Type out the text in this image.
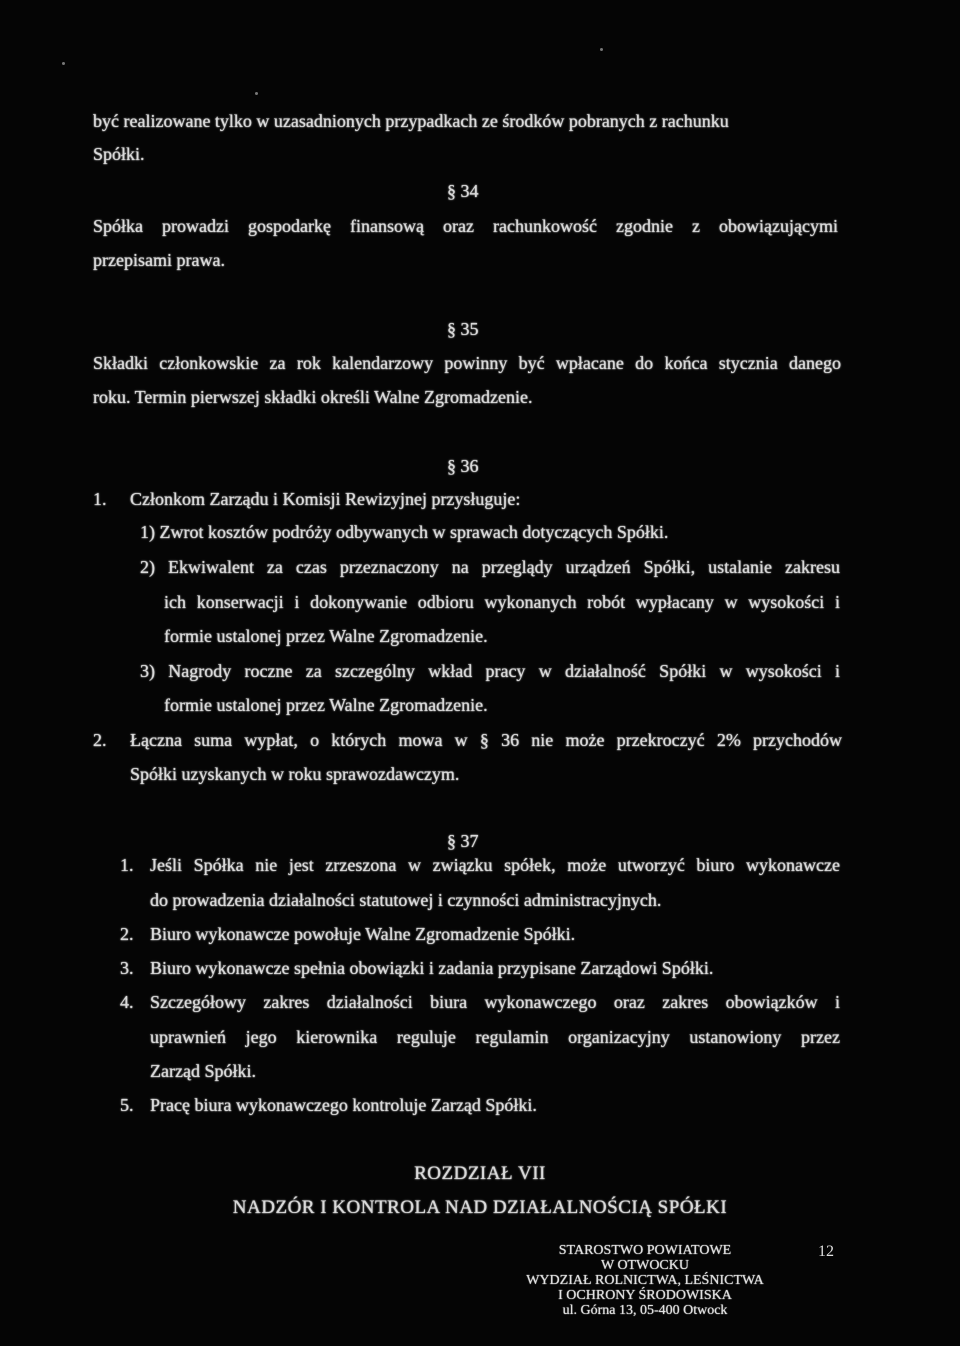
być realizowane tylko w uzasadnionych przypadkach ze środków pobranych z rachunku
Spółki.
§ 34
Spółka prowadzi gospodarkę finansową oraz rachunkowość zgodnie z obowiązującymi
przepisami prawa.
§ 35
Składki członkowskie za rok kalendarzowy powinny być wpłacane do końca stycznia danego
roku. Termin pierwszej składki określi Walne Zgromadzenie.
§ 36
1. Członkom Zarządu i Komisji Rewizyjnej przysługuje:
1) Zwrot kosztów podróży odbywanych w sprawach dotyczących Spółki.
2) Ekwiwalent za czas przeznaczony na przeglądy urządzeń Spółki, ustalanie zakresu
ich konserwacji i dokonywanie odbioru wykonanych robót wypłacany w wysokości i
formie ustalonej przez Walne Zgromadzenie.
3) Nagrody roczne za szczególny wkład pracy w działalność Spółki w wysokości i
formie ustalonej przez Walne Zgromadzenie.
2. Łączna suma wypłat, o których mowa w § 36 nie może przekroczyć 2% przychodów
Spółki uzyskanych w roku sprawozdawczym.
§ 37
1. Jeśli Spółka nie jest zrzeszona w związku spółek, może utworzyć biuro wykonawcze
do prowadzenia działalności statutowej i czynności administracyjnych.
2. Biuro wykonawcze powołuje Walne Zgromadzenie Spółki.
3. Biuro wykonawcze spełnia obowiązki i zadania przypisane Zarządowi Spółki.
4. Szczegółowy zakres działalności biura wykonawczego oraz zakres obowiązków i
uprawnień jego kierownika reguluje regulamin organizacyjny ustanowiony przez
Zarząd Spółki.
5. Pracę biura wykonawczego kontroluje Zarząd Spółki.
ROZDZIAŁ VII
NADZÓR I KONTROLA NAD DZIAŁALNOŚCIĄ SPÓŁKI
STAROSTWO POWIATOWE
W OTWOCKU
WYDZIAŁ ROLNICTWA, LEŚNICTWA
I OCHRONY ŚRODOWISKA
ul. Górna 13, 05-400 Otwock
12
